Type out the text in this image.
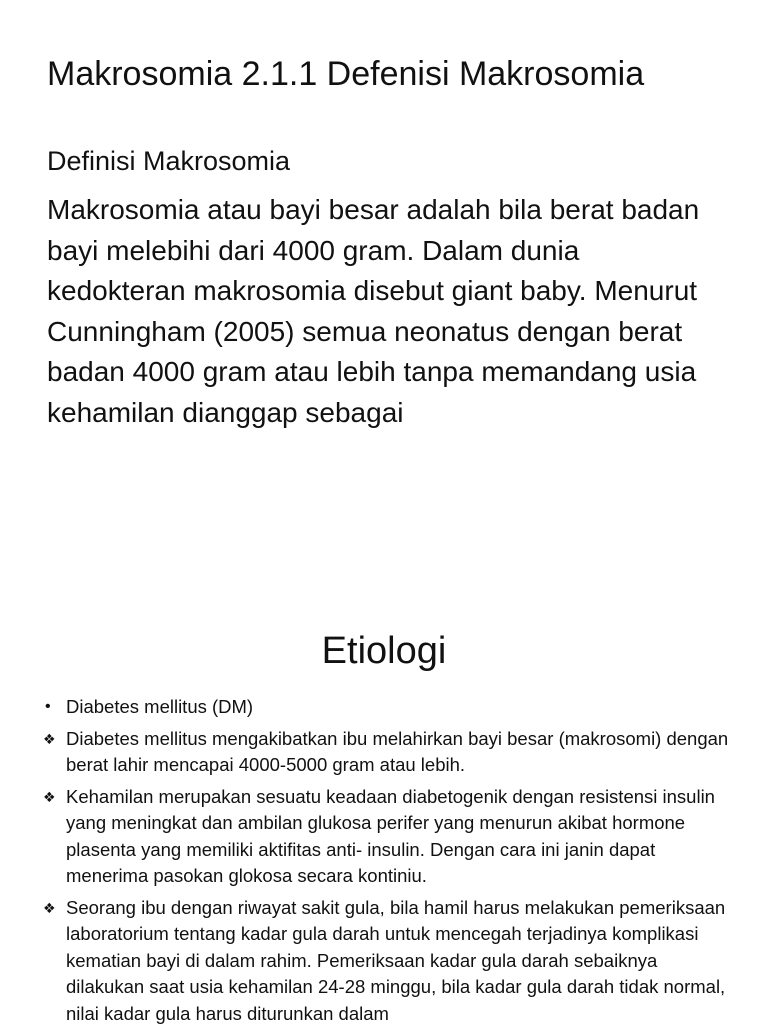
Makrosomia 2.1.1 Defenisi Makrosomia
Definisi Makrosomia

Makrosomia atau bayi besar adalah bila berat badan bayi melebihi dari 4000 gram. Dalam dunia kedokteran makrosomia disebut giant baby. Menurut Cunningham (2005) semua neonatus dengan berat badan 4000 gram atau lebih tanpa memandang usia kehamilan dianggap sebagai

Etiologi
• Diabetes mellitus (DM)
❖ Diabetes mellitus mengakibatkan ibu melahirkan bayi besar (makrosomi) dengan berat lahir mencapai 4000-5000 gram atau lebih.
❖ Kehamilan merupakan sesuatu keadaan diabetogenik dengan resistensi insulin yang meningkat dan ambilan glukosa perifer yang menurun akibat hormone plasenta yang memiliki aktifitas anti- insulin. Dengan cara ini janin dapat menerima pasokan glokosa secara kontiniu.
❖ Seorang ibu dengan riwayat sakit gula, bila hamil harus melakukan pemeriksaan laboratorium tentang kadar gula darah untuk mencegah terjadinya komplikasi kematian bayi di dalam rahim. Pemeriksaan kadar gula darah sebaiknya dilakukan saat usia kehamilan 24-28 minggu, bila kadar gula darah tidak normal, nilai kadar gula harus diturunkan dalam
